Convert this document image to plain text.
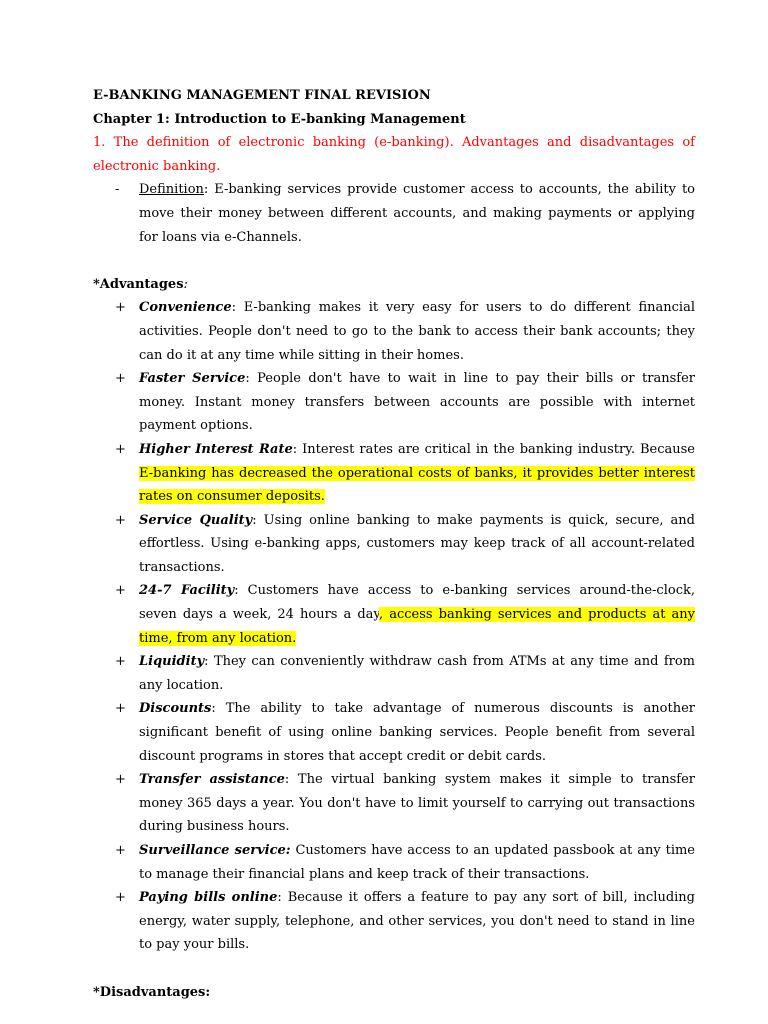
E-BANKING MANAGEMENT FINAL REVISION

Chapter 1: Introduction to E-banking Management

1. The definition of electronic banking (e-banking). Advantages and disadvantages of electronic banking.

- Definition: E-banking services provide customer access to accounts, the ability to move their money between different accounts, and making payments or applying for loans via e-Channels.

*Advantages:

+ Convenience: E-banking makes it very easy for users to do different financial activities. People don't need to go to the bank to access their bank accounts; they can do it at any time while sitting in their homes.
+ Faster Service: People don't have to wait in line to pay their bills or transfer money. Instant money transfers between accounts are possible with internet payment options.
+ Higher Interest Rate: Interest rates are critical in the banking industry. Because E-banking has decreased the operational costs of banks, it provides better interest rates on consumer deposits.
+ Service Quality: Using online banking to make payments is quick, secure, and effortless. Using e-banking apps, customers may keep track of all account-related transactions.
+ 24-7 Facility: Customers have access to e-banking services around-the-clock, seven days a week, 24 hours a day, access banking services and products at any time, from any location.
+ Liquidity: They can conveniently withdraw cash from ATMs at any time and from any location.
+ Discounts: The ability to take advantage of numerous discounts is another significant benefit of using online banking services. People benefit from several discount programs in stores that accept credit or debit cards.
+ Transfer assistance: The virtual banking system makes it simple to transfer money 365 days a year. You don't have to limit yourself to carrying out transactions during business hours.
+ Surveillance service: Customers have access to an updated passbook at any time to manage their financial plans and keep track of their transactions.
+ Paying bills online: Because it offers a feature to pay any sort of bill, including energy, water supply, telephone, and other services, you don't need to stand in line to pay your bills.

*Disadvantages:
